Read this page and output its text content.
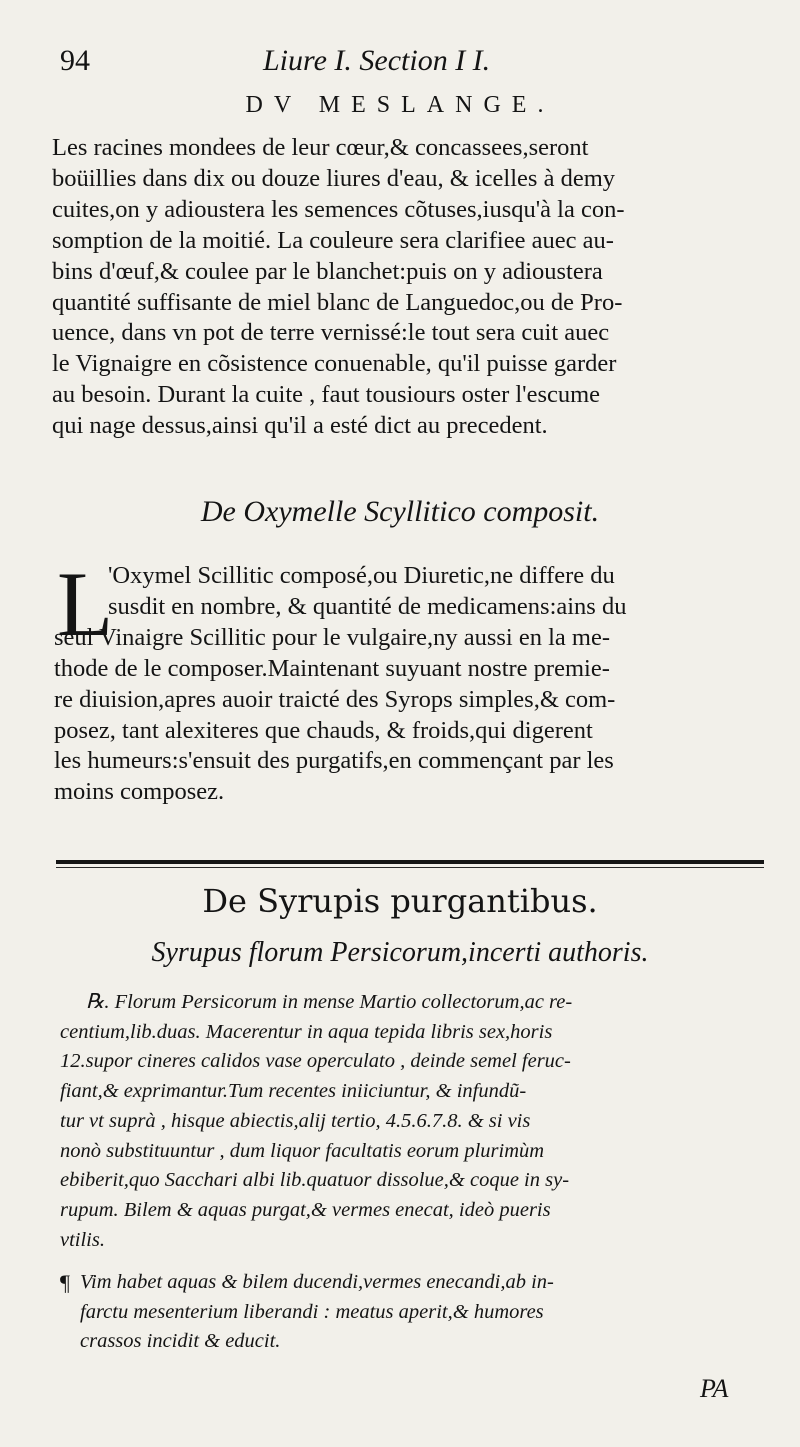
94	Liure I. Section I I.
DV MESLANGE.
Les racines mondees de leur cœur,& concassees,seront
boüillies dans dix ou douze liures d'eau, & icelles à demy
cuites,on y adioustera les semences cõtuses,iusqu'à la con-
somption de la moitié. La couleure sera clarifiee auec au-
bins d'œuf,& coulee par le blanchet:puis on y adioustera
quantité suffisante de miel blanc de Languedoc,ou de Pro-
uence, dans vn pot de terre vernissé:le tout sera cuit auec
le Vignaigre en cõsistence conuenable, qu'il puisse garder
au besoin. Durant la cuite , faut tousiours oster l'escume
qui nage dessus,ainsi qu'il a esté dict au precedent.
De Oxymelle Scyllitico composit.
L
'Oxymel Scillitic composé,ou Diuretic,ne differe du
susdit en nombre, & quantité de medicamens:ains du
seul Vinaigre Scillitic pour le vulgaire,ny aussi en la me-
thode de le composer.Maintenant suyuant nostre premie-
re diuision,apres auoir traicté des Syrops simples,& com-
posez, tant alexiteres que chauds, & froids,qui digerent
les humeurs:s'ensuit des purgatifs,en commençant par les
moins composez.
De Syrupis purgantibus.
Syrupus florum Persicorum,incerti authoris.
℞. Florum Persicorum in mense Martio collectorum,ac re-
centium,lib.duas. Macerentur in aqua tepida libris sex,horis
12.supor cineres calidos vase operculato , deinde semel feruc-
fiant,& exprimantur.Tum recentes iniiciuntur, & infundũ-
tur vt suprà , hisque abiectis,alij tertio, 4.5.6.7.8. & si vis
nonò substituuntur , dum liquor facultatis eorum plurimùm
ebiberit,quo Sacchari albi lib.quatuor dissolue,& coque in sy-
rupum. Bilem & aquas purgat,& vermes enecat, ideò pueris
vtilis.
¶ Vim habet aquas & bilem ducendi,vermes enecandi,ab in-
farctu mesenterium liberandi : meatus aperit,& humores
crassos incidit & educit.
PA
